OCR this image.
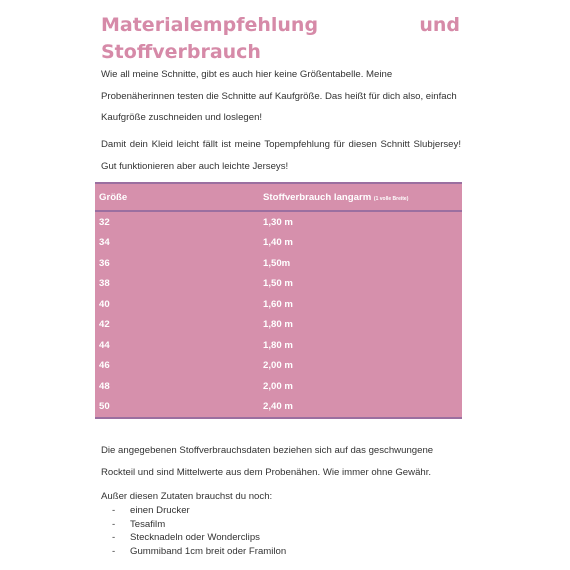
Materialempfehlung	und
Stoffverbrauch

Wie all meine Schnitte, gibt es auch hier keine Größentabelle. Meine Probenäherinnen testen die Schnitte auf Kaufgröße. Das heißt für dich also, einfach Kaufgröße zuschneiden und loslegen!

Damit dein Kleid leicht fällt ist meine Topempfehlung für diesen Schnitt Slubjersey! Gut funktionieren aber auch leichte Jerseys!

Größe	Stoffverbrauch langarm (1 volle Breite)
32	1,30 m
34	1,40 m
36	1,50m
38	1,50 m
40	1,60 m
42	1,80 m
44	1,80 m
46	2,00 m
48	2,00 m
50	2,40 m

Die angegebenen Stoffverbrauchsdaten beziehen sich auf das geschwungene Rockteil und sind Mittelwerte aus dem Probenähen. Wie immer ohne Gewähr.

Außer diesen Zutaten brauchst du noch:

- einen Drucker
- Tesafilm
- Stecknadeln oder Wonderclips
- Gummiband 1cm breit oder Framilon
